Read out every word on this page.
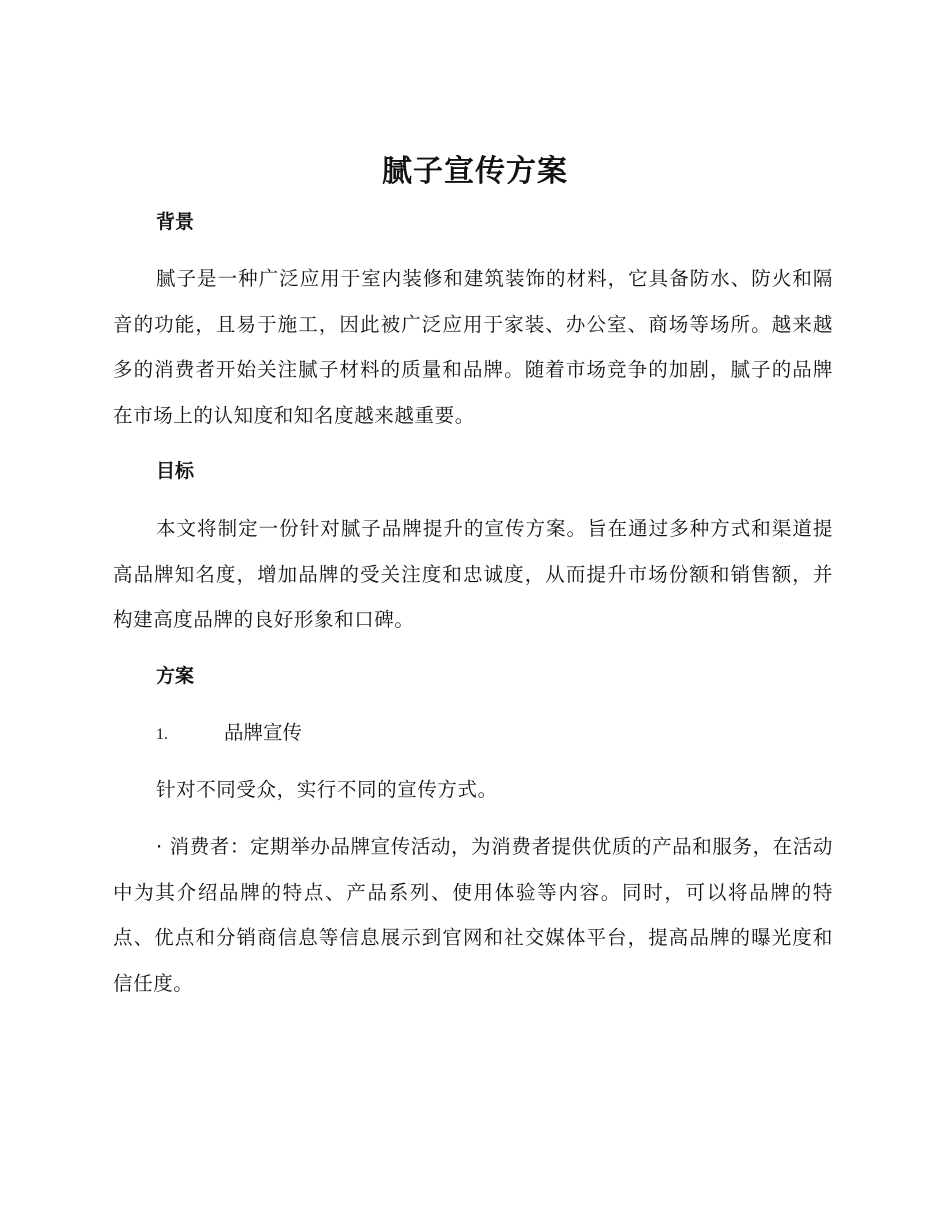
腻子宣传方案
背景
腻子是一种广泛应用于室内装修和建筑装饰的材料，它具备防水、防火和隔音的功能，且易于施工，因此被广泛应用于家装、办公室、商场等场所。越来越多的消费者开始关注腻子材料的质量和品牌。随着市场竞争的加剧，腻子的品牌在市场上的认知度和知名度越来越重要。
目标
本文将制定一份针对腻子品牌提升的宣传方案。旨在通过多种方式和渠道提高品牌知名度，增加品牌的受关注度和忠诚度，从而提升市场份额和销售额，并构建高度品牌的良好形象和口碑。
方案
1.	品牌宣传
针对不同受众，实行不同的宣传方式。
· 消费者：定期举办品牌宣传活动，为消费者提供优质的产品和服务，在活动中为其介绍品牌的特点、产品系列、使用体验等内容。同时，可以将品牌的特点、优点和分销商信息等信息展示到官网和社交媒体平台，提高品牌的曝光度和信任度。
